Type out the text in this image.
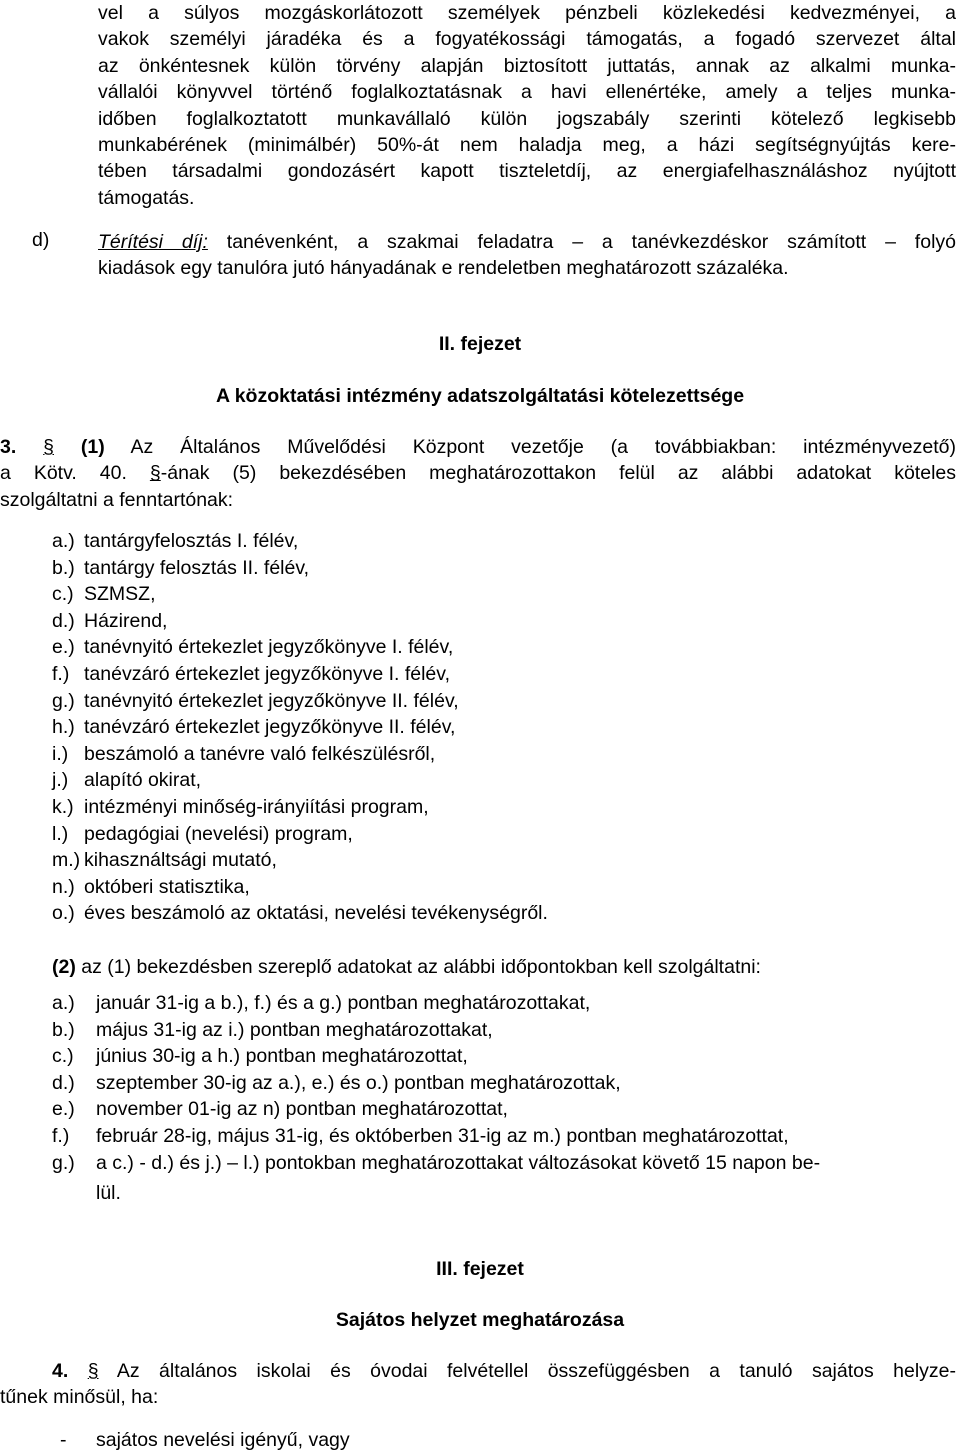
vel a súlyos mozgáskorlátozott személyek pénzbeli közlekedési kedvezményei, a
vakok személyi járadéka és a fogyatékossági támogatás, a fogadó szervezet által
az önkéntesnek külön törvény alapján biztosított juttatás, annak az alkalmi munka-
vállalói könyvvel történő foglalkoztatásnak a havi ellenértéke, amely a teljes munka-
időben foglalkoztatott munkavállaló külön jogszabály szerinti kötelező legkisebb
munkabérének (minimálbér) 50%-át nem haladja meg, a házi segítségnyújtás kere-
tében társadalmi gondozásért kapott tiszteletdíj, az energiafelhasználáshoz nyújtott
támogatás.
d) Térítési díj: tanévenként, a szakmai feladatra – a tanévkezdéskor számított – folyó
kiadások egy tanulóra jutó hányadának e rendeletben meghatározott százaléka.
II. fejezet
A közoktatási intézmény adatszolgáltatási kötelezettsége
3. § (1) Az Általános Művelődési Központ vezetője (a továbbiakban: intézményvezető)
a Kötv. 40. §-ának (5) bekezdésében meghatározottakon felül az alábbi adatokat köteles
szolgáltatni a fenntartónak:
a.) tantárgyfelosztás I. félév,
b.) tantárgy felosztás II. félév,
c.) SZMSZ,
d.) Házirend,
e.) tanévnyitó értekezlet jegyzőkönyve I. félév,
f.) tanévzáró értekezlet jegyzőkönyve I. félév,
g.) tanévnyitó értekezlet jegyzőkönyve II. félév,
h.) tanévzáró értekezlet jegyzőkönyve II. félév,
i.) beszámoló a tanévre való felkészülésről,
j.) alapító okirat,
k.) intézményi minőség-irányiítási program,
l.) pedagógiai (nevelési) program,
m.) kihasználtsági mutató,
n.) októberi statisztika,
o.) éves beszámoló az oktatási, nevelési tevékenységről.
(2) az (1) bekezdésben szereplő adatokat az alábbi időpontokban kell szolgáltatni:
a.) január 31-ig a b.), f.) és a g.) pontban meghatározottakat,
b.) május 31-ig az i.) pontban meghatározottakat,
c.) június 30-ig a h.) pontban meghatározottat,
d.) szeptember 30-ig az a.), e.) és o.) pontban meghatározottak,
e.) november 01-ig az n) pontban meghatározottat,
f.) február 28-ig, május 31-ig, és októberben 31-ig az m.) pontban meghatározottat,
g.) a c.) - d.) és j.) – l.) pontokban meghatározottakat változásokat követő 15 napon be-
lül.
III. fejezet
Sajátos helyzet meghatározása
4. § Az általános iskolai és óvodai felvétellel összefüggésben a tanuló sajátos helyze-
tűnek minősül, ha:
- sajátos nevelési igényű, vagy
